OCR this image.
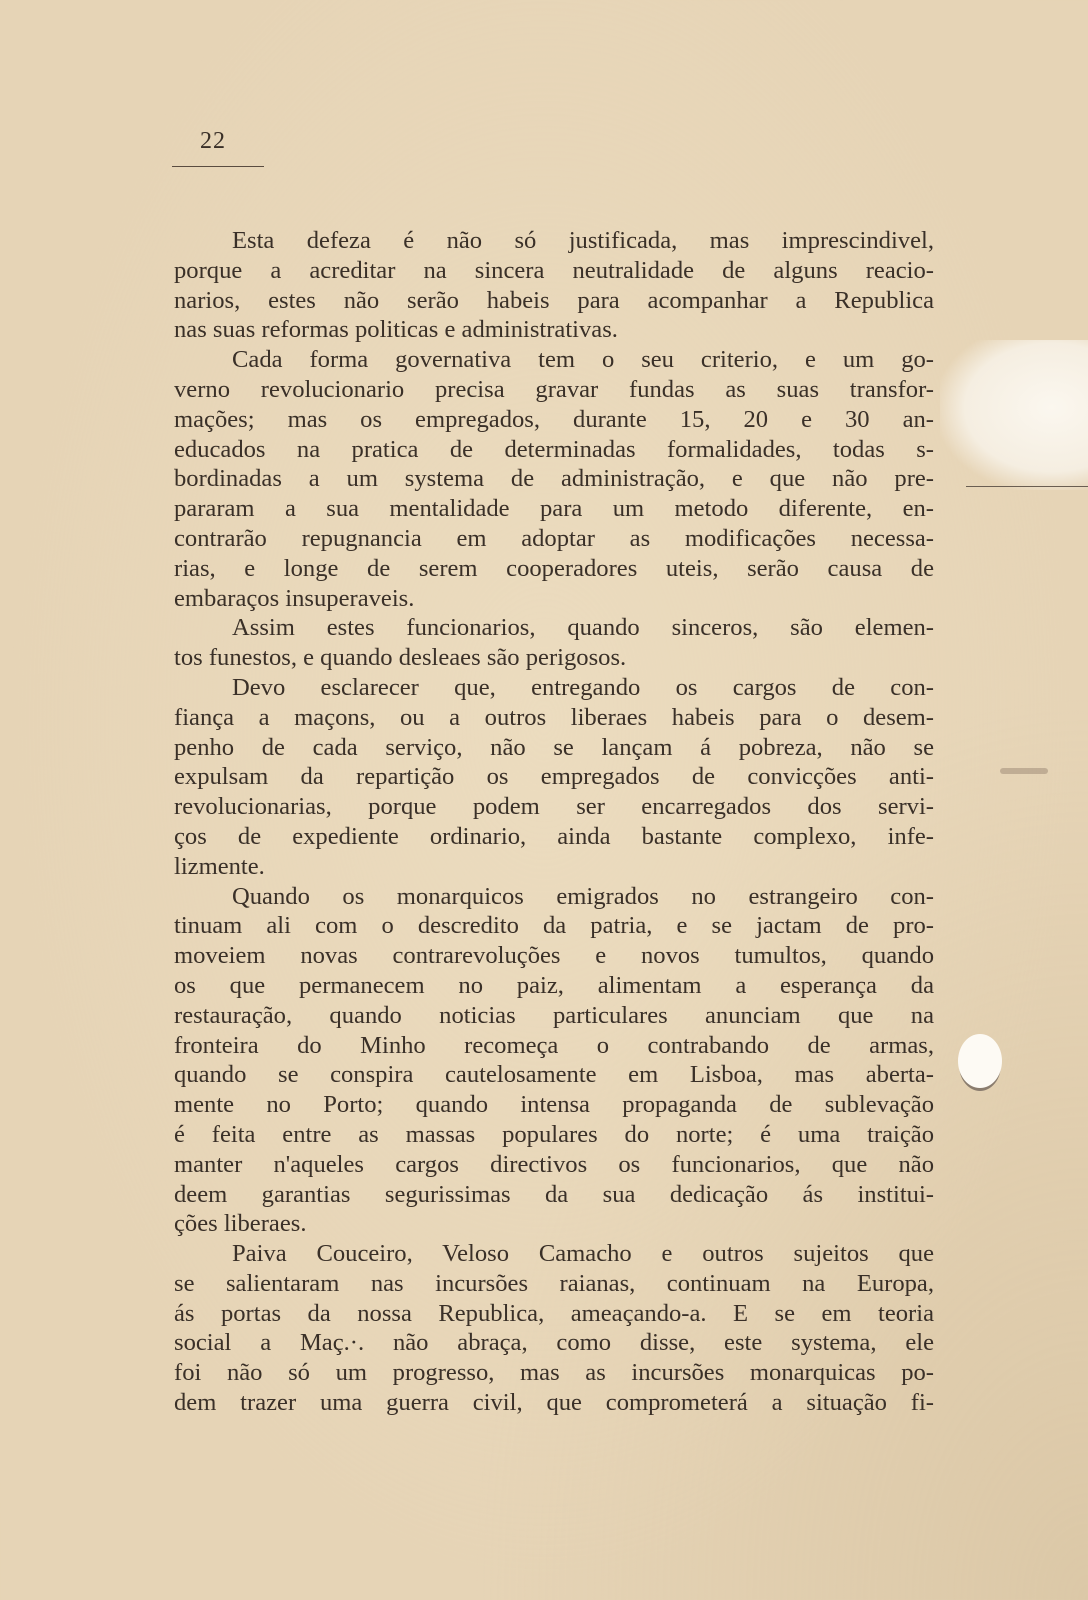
22

Esta defeza é não só justificada, mas imprescindivel,

porque a acreditar na sincera neutralidade de alguns reacio-

narios, estes não serão habeis para acompanhar a Republica

nas suas reformas politicas e administrativas.

Cada forma governativa tem o seu criterio, e um go-

verno revolucionario precisa gravar fundas as suas transfor-

mações; mas os empregados, durante 15, 20 e 30 an-

educados na pratica de determinadas formalidades, todas s-

bordinadas a um systema de administração, e que não pre-

pararam a sua mentalidade para um metodo diferente, en-

contrarão repugnancia em adoptar as modificações necessa-

rias, e longe de serem cooperadores uteis, serão causa de

embaraços insuperaveis.

Assim estes funcionarios, quando sinceros, são elemen-

tos funestos, e quando desleaes são perigosos.

Devo esclarecer que, entregando os cargos de con-

fiança a maçons, ou a outros liberaes habeis para o desem-

penho de cada serviço, não se lançam á pobreza, não se

expulsam da repartição os empregados de convicções anti-

revolucionarias, porque podem ser encarregados dos servi-

ços de expediente ordinario, ainda bastante complexo, infe-

lizmente.

Quando os monarquicos emigrados no estrangeiro con-

tinuam ali com o descredito da patria, e se jactam de pro-

moveiem novas contrarevoluções e novos tumultos, quando

os que permanecem no paiz, alimentam a esperança da

restauração, quando noticias particulares anunciam que na

fronteira do Minho recomeça o contrabando de armas,

quando se conspira cautelosamente em Lisboa, mas aberta-

mente no Porto; quando intensa propaganda de sublevação

é feita entre as massas populares do norte; é uma traição

manter n'aqueles cargos directivos os funcionarios, que não

deem garantias segurissimas da sua dedicação ás institui-

ções liberaes.

Paiva Couceiro, Veloso Camacho e outros sujeitos que

se salientaram nas incursões raianas, continuam na Europa,

ás portas da nossa Republica, ameaçando-a. E se em teoria

social a Maç.·. não abraça, como disse, este systema, ele

foi não só um progresso, mas as incursões monarquicas po-

dem trazer uma guerra civil, que comprometerá a situação fi-
